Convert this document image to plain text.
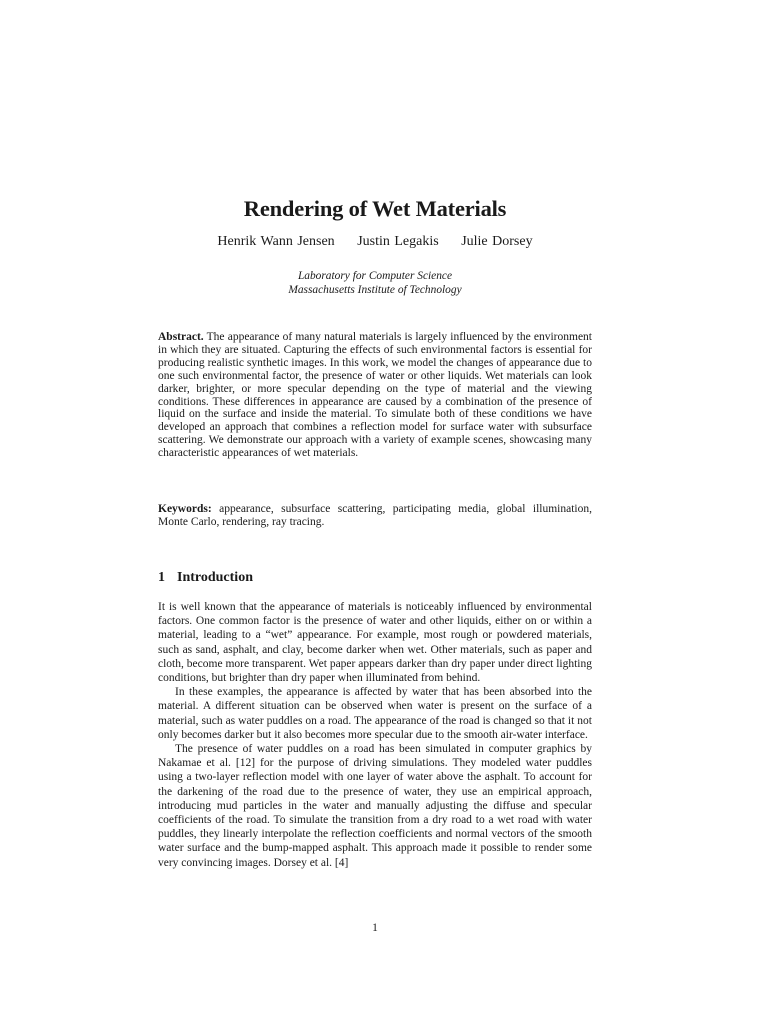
Rendering of Wet Materials
Henrik Wann Jensen Justin Legakis Julie Dorsey
Laboratory for Computer Science
Massachusetts Institute of Technology
Abstract. The appearance of many natural materials is largely influenced by the environment in which they are situated. Capturing the effects of such environmental factors is essential for producing realistic synthetic images. In this work, we model the changes of appearance due to one such environmental factor, the presence of water or other liquids. Wet materials can look darker, brighter, or more specular depending on the type of material and the viewing conditions. These differences in appearance are caused by a combination of the presence of liquid on the surface and inside the material. To simulate both of these conditions we have developed an approach that combines a reflection model for surface water with subsurface scattering. We demonstrate our approach with a variety of example scenes, showcasing many characteristic appearances of wet materials.
Keywords: appearance, subsurface scattering, participating media, global illumination, Monte Carlo, rendering, ray tracing.
1 Introduction

It is well known that the appearance of materials is noticeably influenced by environmental factors. One common factor is the presence of water and other liquids, either on or within a material, leading to a “wet” appearance. For example, most rough or powdered materials, such as sand, asphalt, and clay, become darker when wet. Other materials, such as paper and cloth, become more transparent. Wet paper appears darker than dry paper under direct lighting conditions, but brighter than dry paper when illuminated from behind.

In these examples, the appearance is affected by water that has been absorbed into the material. A different situation can be observed when water is present on the surface of a material, such as water puddles on a road. The appearance of the road is changed so that it not only becomes darker but it also becomes more specular due to the smooth air-water interface.

The presence of water puddles on a road has been simulated in computer graphics by Nakamae et al. [12] for the purpose of driving simulations. They modeled water puddles using a two-layer reflection model with one layer of water above the asphalt. To account for the darkening of the road due to the presence of water, they use an empirical approach, introducing mud particles in the water and manually adjusting the diffuse and specular coefficients of the road. To simulate the transition from a dry road to a wet road with water puddles, they linearly interpolate the reflection coefficients and normal vectors of the smooth water surface and the bump-mapped asphalt. This approach made it possible to render some very convincing images. Dorsey et al. [4]

1
